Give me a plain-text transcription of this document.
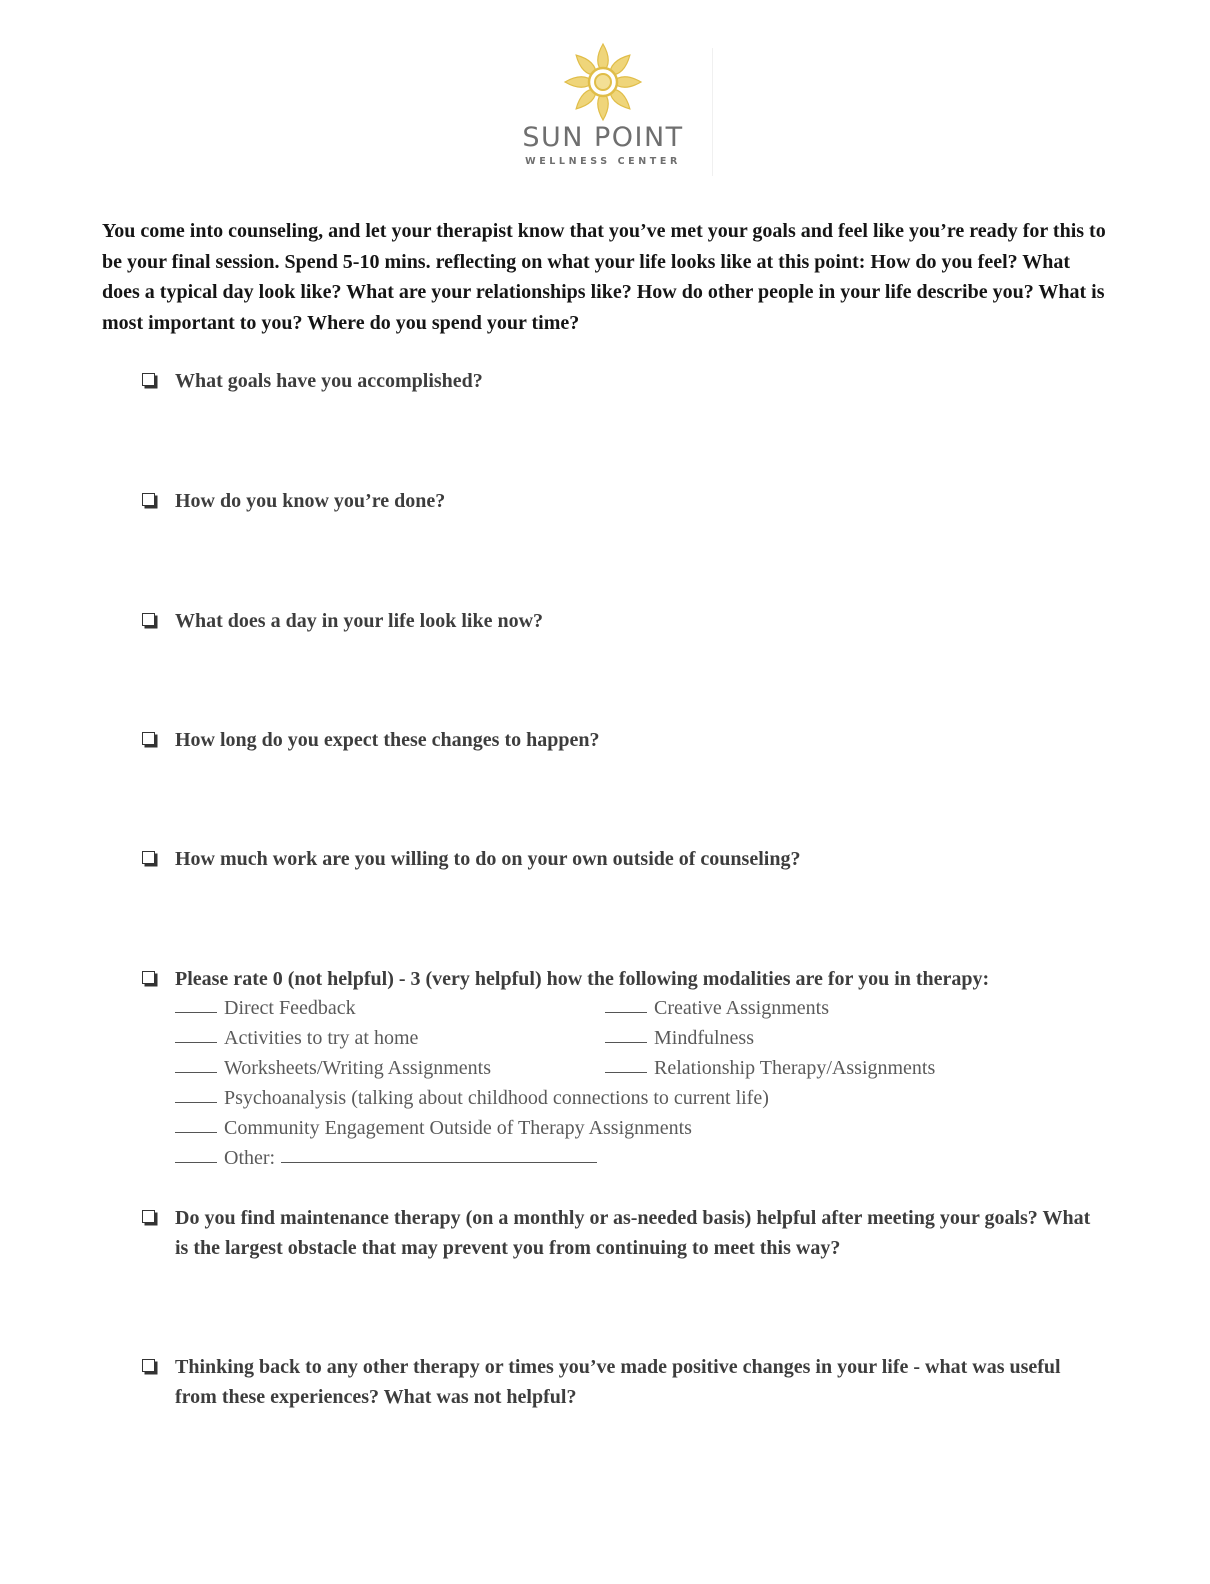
SUN POINT
WELLNESS CENTER
You come into counseling, and let your therapist know that you’ve met your goals and feel like you’re ready for this to be your final session. Spend 5-10 mins. reflecting on what your life looks like at this point: How do you feel? What does a typical day look like? What are your relationships like? How do other people in your life describe you? What is most important to you? Where do you spend your time?
What goals have you accomplished?
How do you know you’re done?
What does a day in your life look like now?
How long do you expect these changes to happen?
How much work are you willing to do on your own outside of counseling?
Please rate 0 (not helpful) - 3 (very helpful) how the following modalities are for you in therapy:
Direct Feedback	Creative Assignments
Activities to try at home	Mindfulness
Worksheets/Writing Assignments	Relationship Therapy/Assignments
Psychoanalysis (talking about childhood connections to current life)
Community Engagement Outside of Therapy Assignments
Other:
Do you find maintenance therapy (on a monthly or as-needed basis) helpful after meeting your goals? What is the largest obstacle that may prevent you from continuing to meet this way?
Thinking back to any other therapy or times you’ve made positive changes in your life - what was useful from these experiences? What was not helpful?
